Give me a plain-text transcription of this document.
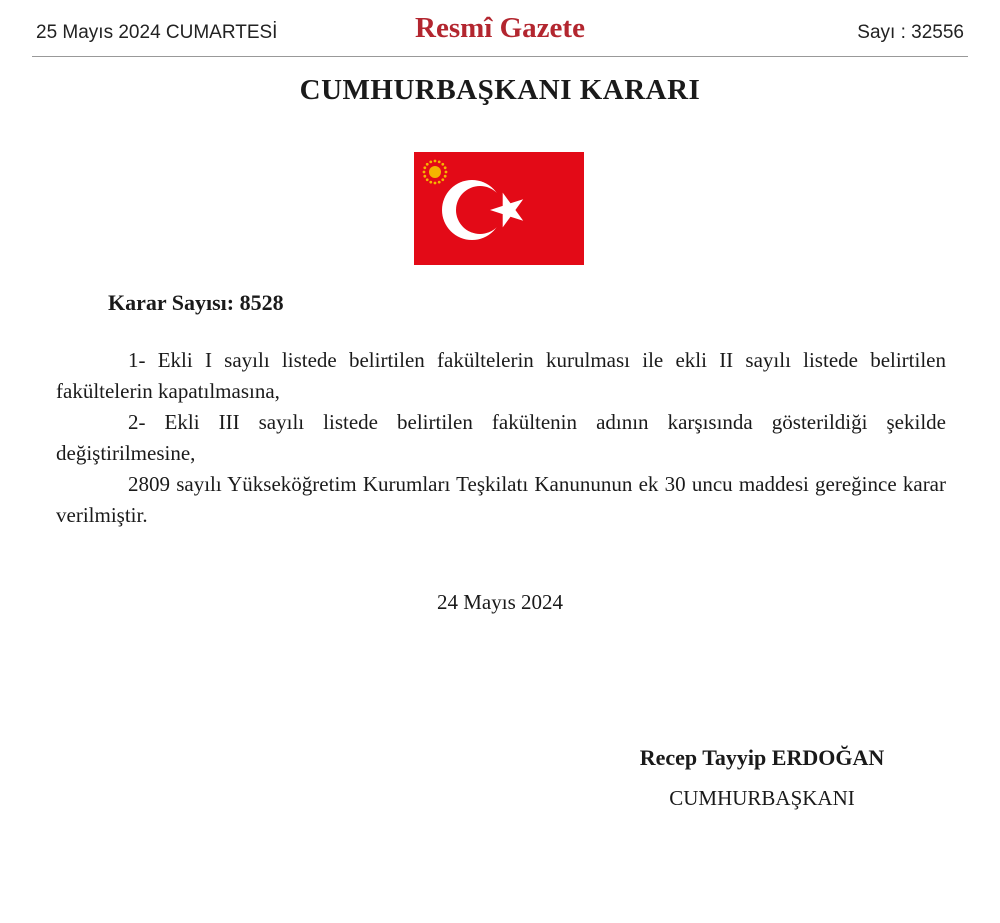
25 Mayıs 2024 CUMARTESİ	Resmî Gazete	Sayı : 32556
CUMHURBAŞKANI KARARI
Karar Sayısı: 8528

1- Ekli I sayılı listede belirtilen fakültelerin kurulması ile ekli II sayılı listede belirtilen fakültelerin kapatılmasına,

2- Ekli III sayılı listede belirtilen fakültenin adının karşısında gösterildiği şekilde değiştirilmesine,

2809 sayılı Yükseköğretim Kurumları Teşkilatı Kanununun ek 30 uncu maddesi gereğince karar verilmiştir.

24 Mayıs 2024
Recep Tayyip ERDOĞAN
CUMHURBAŞKANI
